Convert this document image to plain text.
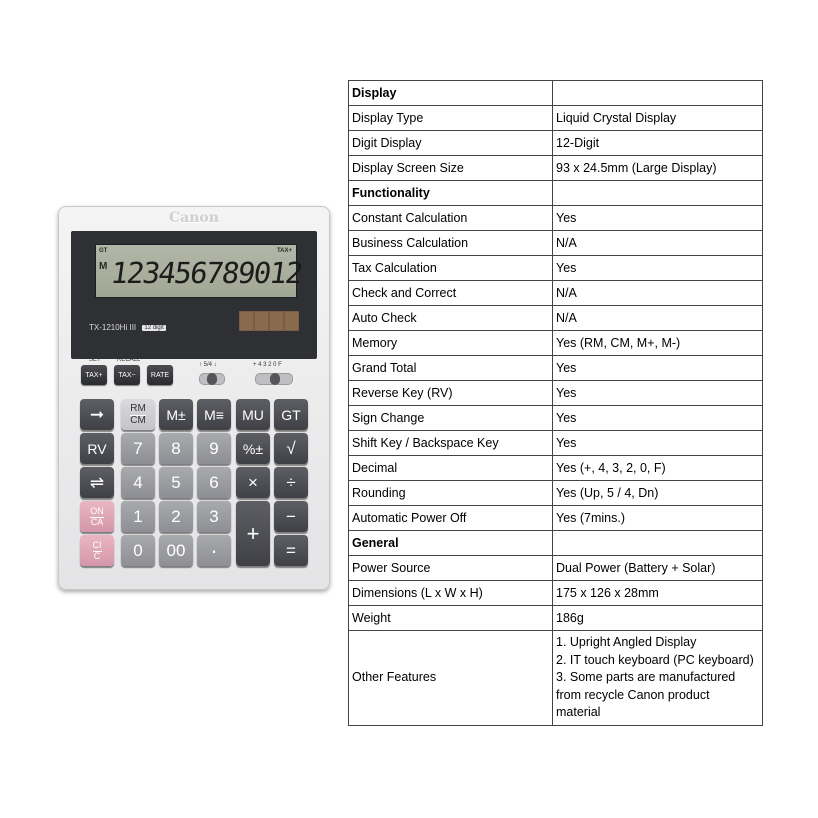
Canon
GT
M
TAX+
123456789012
TX-1210Hi III 12 digit
SET	RECALL
↑ 5/4 ↓	+ 4 3 2 0 F
TAX+	TAX−	RATE
➞	RM
CM	M±	M≡	MU	GT
RV	7	8	9	%±	√
⇌	4	5	6	×	÷
ON
CA	1	2	3
+
−
CI
C	0	00	·	=
Display	
Display Type	Liquid Crystal Display
Digit Display	12-Digit
Display Screen Size	93 x 24.5mm (Large Display)
Functionality	
Constant Calculation	Yes
Business Calculation	N/A
Tax Calculation	Yes
Check and Correct	N/A
Auto Check	N/A
Memory	Yes (RM, CM, M+, M-)
Grand Total	Yes
Reverse Key (RV)	Yes
Sign Change	Yes
Shift Key / Backspace Key	Yes
Decimal	Yes (+, 4, 3, 2, 0, F)
Rounding	Yes (Up, 5 / 4, Dn)
Automatic Power Off	Yes (7mins.)
General	
Power Source	Dual Power (Battery + Solar)
Dimensions (L x W x H)	175 x 126 x 28mm
Weight	186g
Other Features	1. Upright Angled Display
2. IT touch keyboard (PC keyboard)
3. Some parts are manufactured
from recycle Canon product
material
